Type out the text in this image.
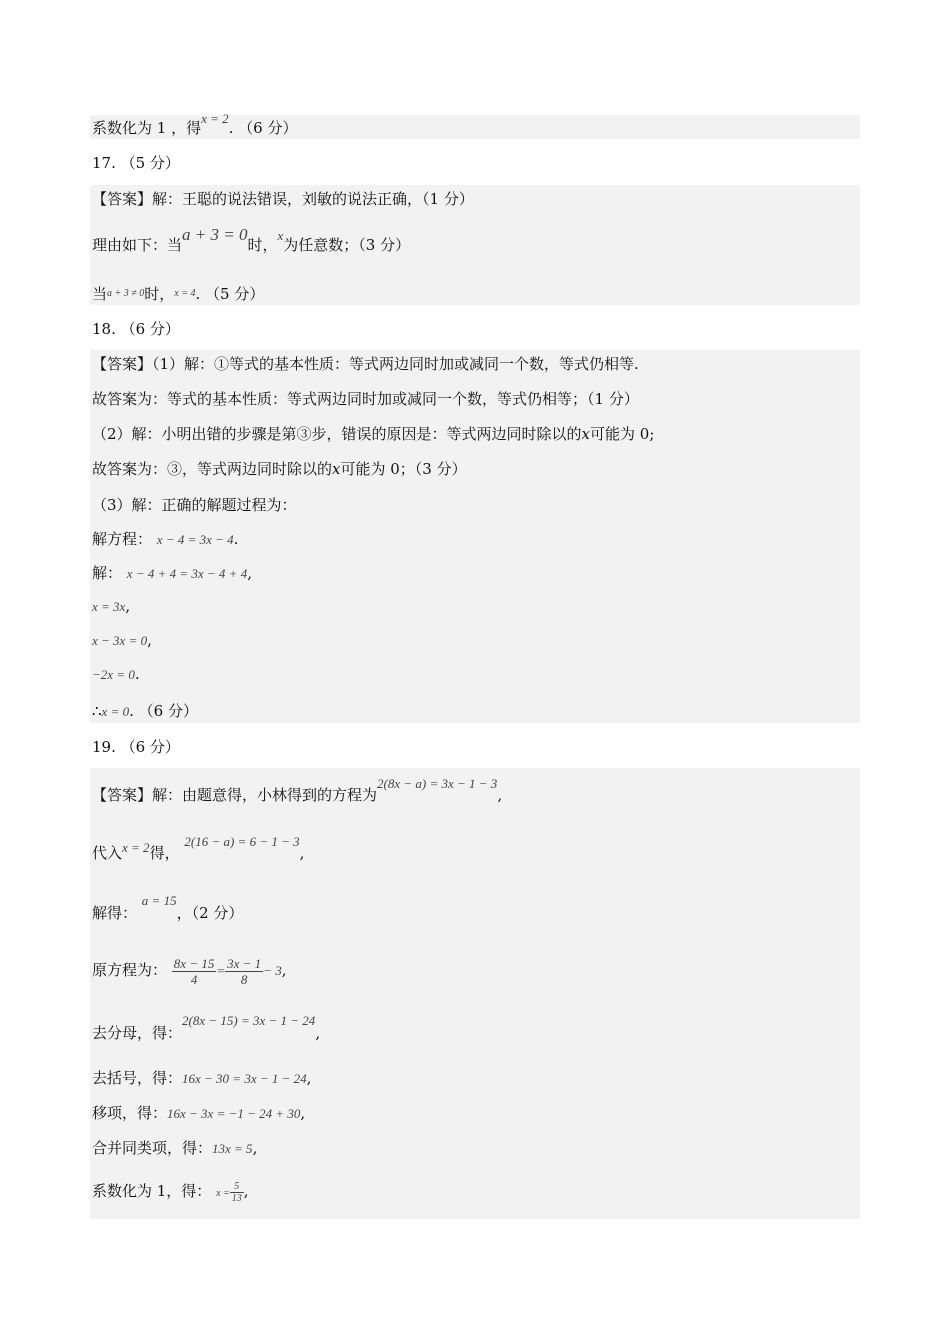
系数化为 1 ，得x = 2. （6 分）
17. （5 分）
【答案】解：王聪的说法错误，刘敏的说法正确，（1 分）
理由如下：当a + 3 = 0时，x为任意数；（3 分）
当$^{a + 3 \ne 0}$时，$^{x = 4}$. （5 分）
18. （6 分）
【答案】（1）解：①等式的基本性质：等式两边同时加或减同一个数，等式仍相等.
故答案为：等式的基本性质：等式两边同时加或减同一个数，等式仍相等；（1 分）
（2）解：小明出错的步骤是第③步，错误的原因是：等式两边同时除以的x可能为 0;
故答案为：③，等式两边同时除以的x可能为 0；（3 分）
（3）解：正确的解题过程为：
解方程： x − 4 = 3x − 4.
解： x − 4 + 4 = 3x − 4 + 4,
x = 3x,
x − 3x = 0,
−2x = 0.
∴x = 0. （6 分）
19. （6 分）
【答案】解：由题意得，小林得到的方程为2(8x − a) = 3x − 1 − 3,
代入x = 2得， 2(16 − a) = 6 − 1 − 3,
解得： a = 15，（2 分）
原方程为： $\frac{8x - 15}{4} = \frac{3x - 1}{8} - 3$,
去分母，得：2(8x − 15) = 3x − 1 − 24,
去括号，得：16x − 30 = 3x − 1 − 24,
移项，得：16x − 3x = −1 − 24 + 30,
合并同类项，得：13x = 5,
系数化为 1，得： $x = \frac{5}{13}$ ,
